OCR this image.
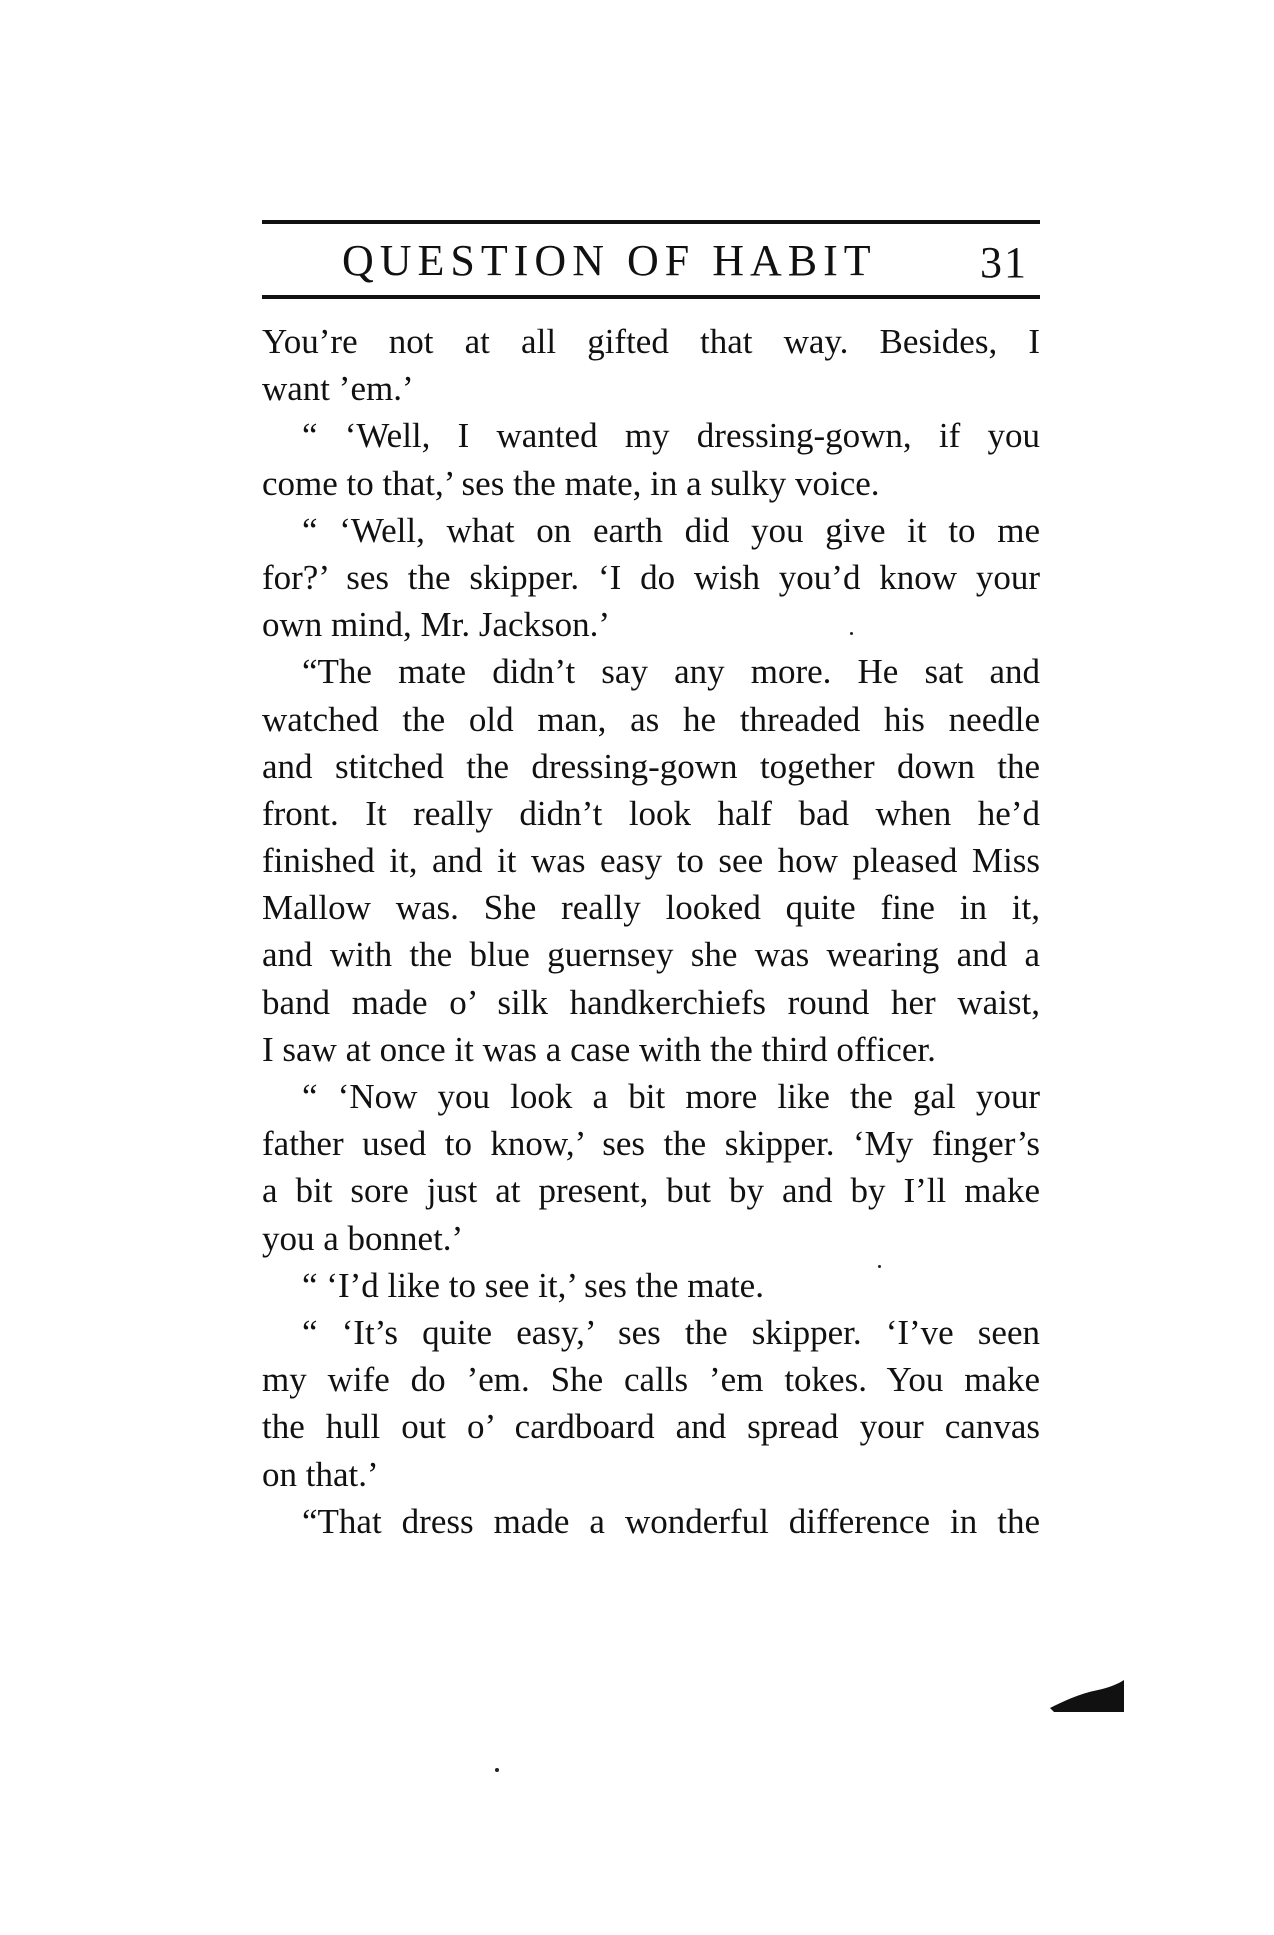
QUESTION OF HABIT 31
You’re not at all gifted that way. Besides, I
want ’em.’
“ ‘Well, I wanted my dressing-gown, if you
come to that,’ ses the mate, in a sulky voice.
“ ‘Well, what on earth did you give it to me
for?’ ses the skipper. ‘I do wish you’d know your
own mind, Mr. Jackson.’
“The mate didn’t say any more. He sat and
watched the old man, as he threaded his needle
and stitched the dressing-gown together down the
front. It really didn’t look half bad when he’d
finished it, and it was easy to see how pleased Miss
Mallow was. She really looked quite fine in it,
and with the blue guernsey she was wearing and a
band made o’ silk handkerchiefs round her waist,
I saw at once it was a case with the third officer.
“ ‘Now you look a bit more like the gal your
father used to know,’ ses the skipper. ‘My finger’s
a bit sore just at present, but by and by I’ll make
you a bonnet.’
“ ‘I’d like to see it,’ ses the mate.
“ ‘It’s quite easy,’ ses the skipper. ‘I’ve seen
my wife do ’em. She calls ’em tokes. You make
the hull out o’ cardboard and spread your canvas
on that.’
“That dress made a wonderful difference in the
